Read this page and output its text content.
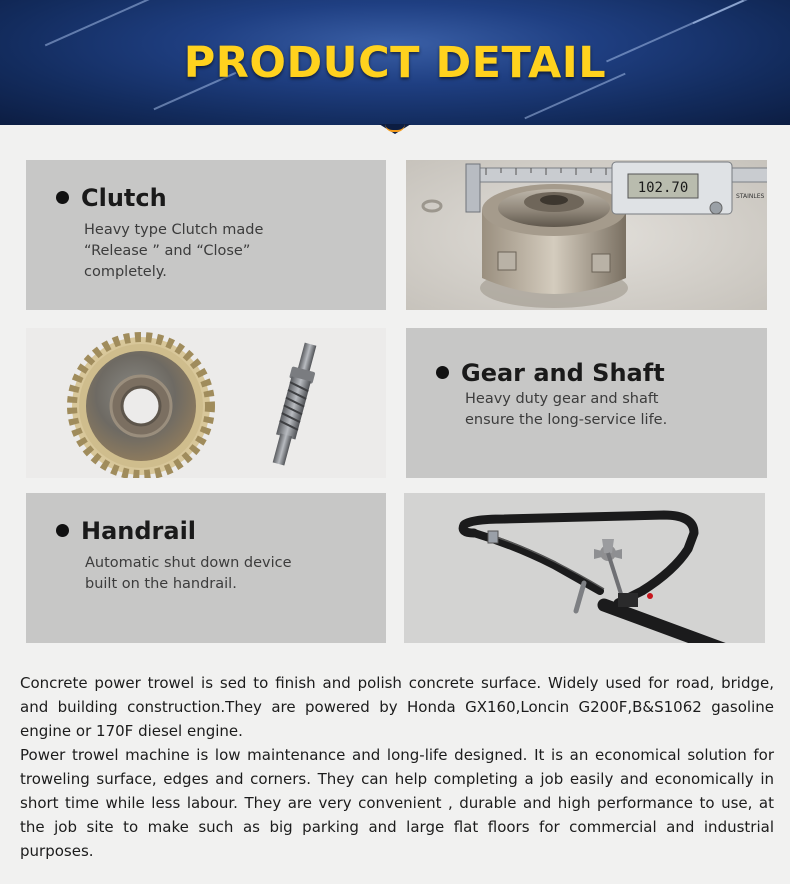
PRODUCT DETAIL
Clutch
Heavy type Clutch made
“Release ” and “Close”
completely.
102.70
STAINLES
Gear and Shaft
Heavy duty gear and shaft
ensure the long-service life.
Handrail
Automatic shut down device
built on the handrail.

Concrete power trowel is sed to finish and polish concrete surface. Widely used for road, bridge, and building construction.They are powered by Honda GX160,Loncin G200F,B&S1062 gasoline engine or 170F diesel engine.

Power trowel machine is low maintenance and long-life designed. It is an economical solution for troweling surface, edges and corners. They can help completing a job easily and economically in short time while less labour. They are very convenient , durable and high performance to use, at the job site to make such as big parking and large flat floors for commercial and industrial purposes.
